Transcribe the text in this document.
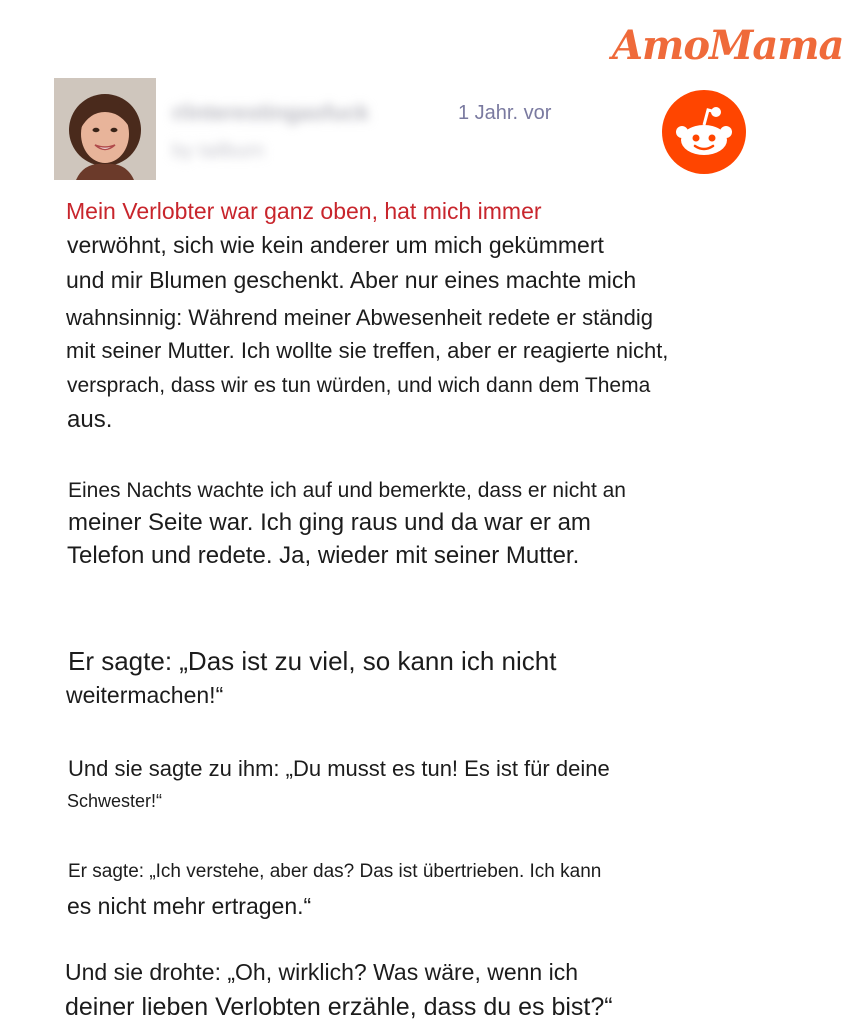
AmoMama
r/interestingasfuck
by tailburn
1 Jahr. vor
Mein Verlobter war ganz oben, hat mich immer
verwöhnt, sich wie kein anderer um mich gekümmert
und mir Blumen geschenkt. Aber nur eines machte mich
wahnsinnig: Während meiner Abwesenheit redete er ständig
mit seiner Mutter. Ich wollte sie treffen, aber er reagierte nicht,
versprach, dass wir es tun würden, und wich dann dem Thema
aus.
Eines Nachts wachte ich auf und bemerkte, dass er nicht an
meiner Seite war. Ich ging raus und da war er am
Telefon und redete. Ja, wieder mit seiner Mutter.
Er sagte: „Das ist zu viel, so kann ich nicht
weitermachen!“
Und sie sagte zu ihm: „Du musst es tun! Es ist für deine
Schwester!“
Er sagte: „Ich verstehe, aber das? Das ist übertrieben. Ich kann
es nicht mehr ertragen.“
Und sie drohte: „Oh, wirklich? Was wäre, wenn ich
deiner lieben Verlobten erzähle, dass du es bist?“
